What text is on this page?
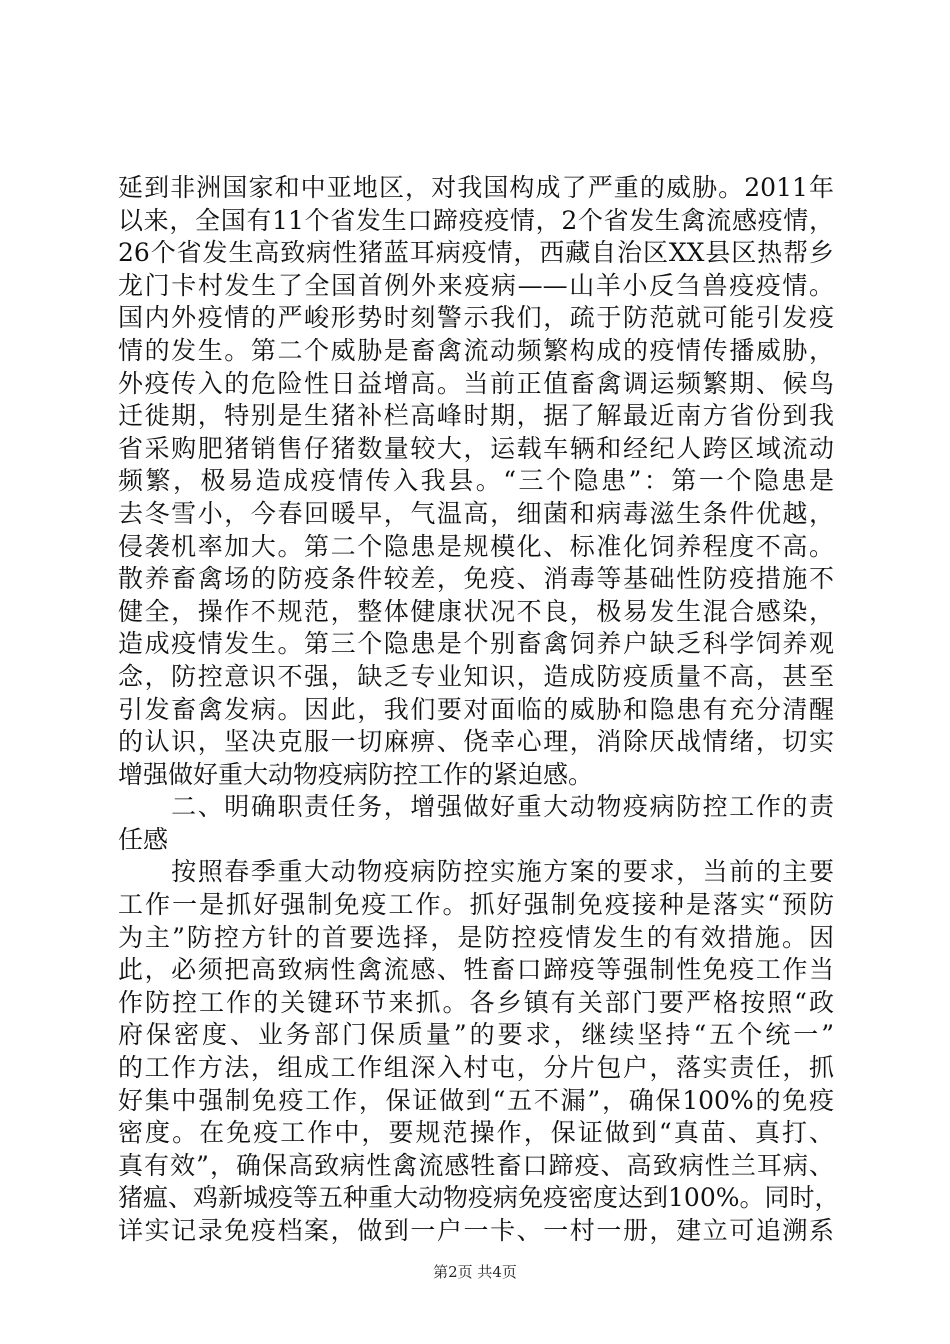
延到非洲国家和中亚地区，对我国构成了严重的威胁。2011年
以来，全国有11个省发生口蹄疫疫情，2个省发生禽流感疫情，
26个省发生高致病性猪蓝耳病疫情，西藏自治区XX县区热帮乡
龙门卡村发生了全国首例外来疫病——山羊小反刍兽疫疫情。
国内外疫情的严峻形势时刻警示我们，疏于防范就可能引发疫
情的发生。第二个威胁是畜禽流动频繁构成的疫情传播威胁，
外疫传入的危险性日益增高。当前正值畜禽调运频繁期、候鸟
迁徙期，特别是生猪补栏高峰时期，据了解最近南方省份到我
省采购肥猪销售仔猪数量较大，运载车辆和经纪人跨区域流动
频繁，极易造成疫情传入我县。“三个隐患”：第一个隐患是
去冬雪小，今春回暖早，气温高，细菌和病毒滋生条件优越，
侵袭机率加大。第二个隐患是规模化、标准化饲养程度不高。
散养畜禽场的防疫条件较差，免疫、消毒等基础性防疫措施不
健全，操作不规范，整体健康状况不良，极易发生混合感染，
造成疫情发生。第三个隐患是个别畜禽饲养户缺乏科学饲养观
念，防控意识不强，缺乏专业知识，造成防疫质量不高，甚至
引发畜禽发病。因此，我们要对面临的威胁和隐患有充分清醒
的认识，坚决克服一切麻痹、侥幸心理，消除厌战情绪，切实
增强做好重大动物疫病防控工作的紧迫感。
　　二、明确职责任务，增强做好重大动物疫病防控工作的责
任感
　　按照春季重大动物疫病防控实施方案的要求，当前的主要
工作一是抓好强制免疫工作。抓好强制免疫接种是落实“预防
为主”防控方针的首要选择，是防控疫情发生的有效措施。因
此，必须把高致病性禽流感、牲畜口蹄疫等强制性免疫工作当
作防控工作的关键环节来抓。各乡镇有关部门要严格按照“政
府保密度、业务部门保质量”的要求，继续坚持“五个统一”
的工作方法，组成工作组深入村屯，分片包户，落实责任，抓
好集中强制免疫工作，保证做到“五不漏”，确保100%的免疫
密度。在免疫工作中，要规范操作，保证做到“真苗、真打、
真有效”，确保高致病性禽流感牲畜口蹄疫、高致病性兰耳病、
猪瘟、鸡新城疫等五种重大动物疫病免疫密度达到100%。同时，
详实记录免疫档案，做到一户一卡、一村一册，建立可追溯系
第2页 共4页
